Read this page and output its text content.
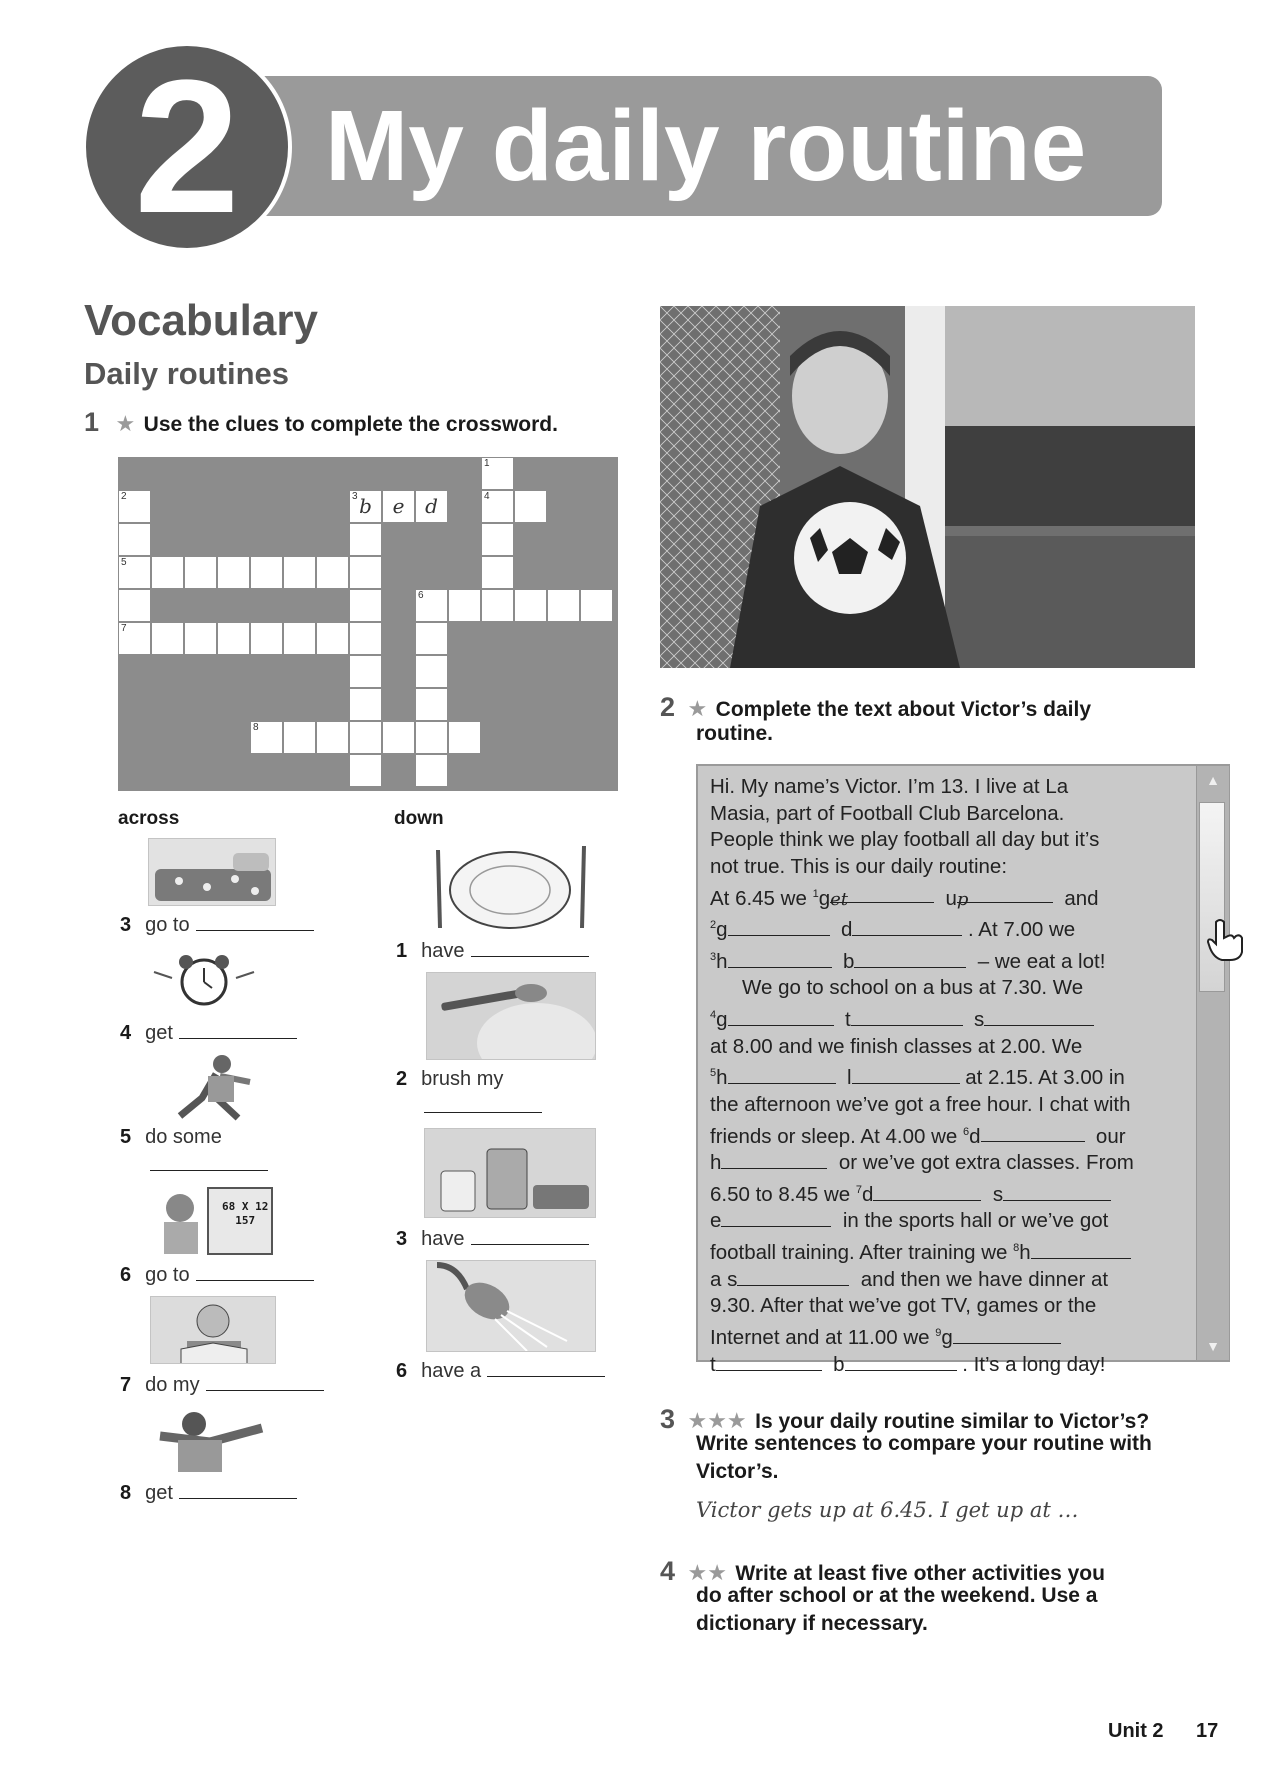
2 My daily routine
Vocabulary
Daily routines
1 ★ Use the clues to complete the crossword.
1
4
2
5
7
e	d
3 b
6
8
across	down
3 go to
4 get
5 do some
68 X 12
157
6 go to
7 do my
8 get
1 have
2 brush my
3 have
6 have a
2 ★ Complete the text about Victor’s daily
routine.
▲
▼

Hi. My name’s Victor. I’m 13. I live at La

Masia, part of Football Club Barcelona.

People think we play football all day but it’s

not true. This is our daily routine:

At 6.45 we $^1$get	up	and

$^2$g	d	. At 7.00 we

$^3$h	b	– we eat a lot!

We go to school on a bus at 7.30. We

$^4$g	t	s

at 8.00 and we finish classes at 2.00. We

$^5$h	l	at 2.15. At 3.00 in

the afternoon we’ve got a free hour. I chat with

friends or sleep. At 4.00 we $^6$d	our

h	or we’ve got extra classes. From

6.50 to 8.45 we $^7$d	s

e	in the sports hall or we’ve got

football training. After training we $^8$h

a s	and then we have dinner at

9.30. After that we’ve got TV, games or the

Internet and at 11.00 we $^9$g

t	b	. It’s a long day!

3 ★★★ Is your daily routine similar to Victor’s?
Write sentences to compare your routine with
Victor’s.
Victor gets up at 6.45. I get up at …
4 ★★ Write at least five other activities you
do after school or at the weekend. Use a
dictionary if necessary.
Unit 2 17
